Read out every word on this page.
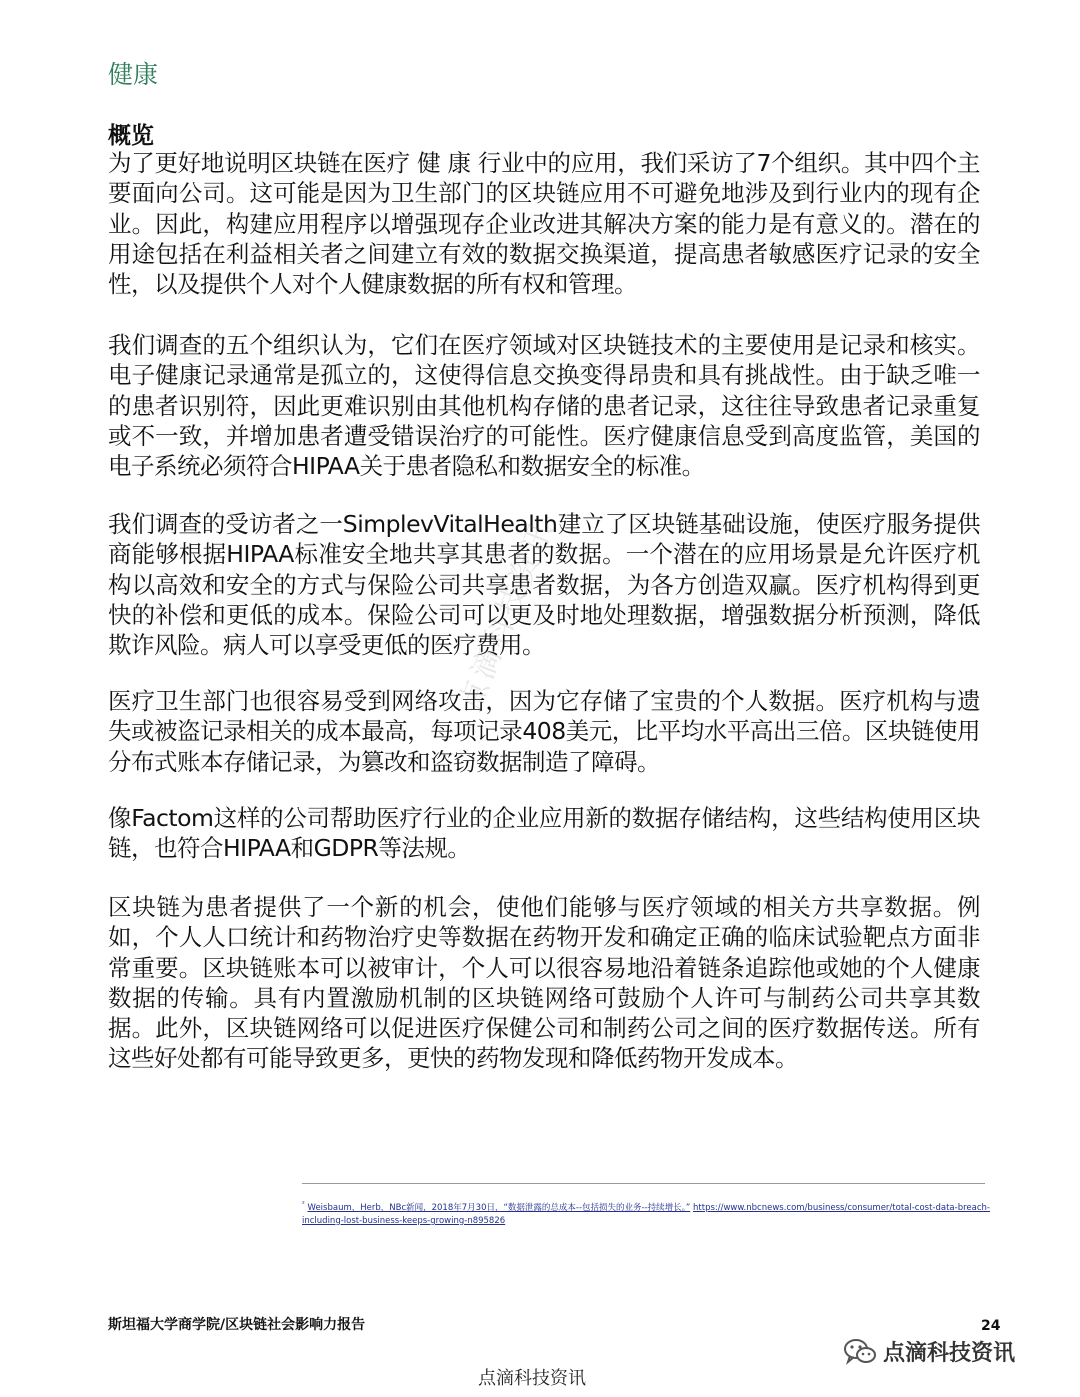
健康
概览

为了更好地说明区块链在医疗 健 康 行业中的应用，我们采访了7个组织。其中四个主要面向公司。这可能是因为卫生部门的区块链应用不可避免地涉及到行业内的现有企业。因此，构建应用程序以增强现存企业改进其解决方案的能力是有意义的。潜在的用途包括在利益相关者之间建立有效的数据交换渠道，提高患者敏感医疗记录的安全性，以及提供个人对个人健康数据的所有权和管理。

我们调查的五个组织认为，它们在医疗领域对区块链技术的主要使用是记录和核实。电子健康记录通常是孤立的，这使得信息交换变得昂贵和具有挑战性。由于缺乏唯一的患者识别符，因此更难识别由其他机构存储的患者记录，这往往导致患者记录重复或不一致，并增加患者遭受错误治疗的可能性。医疗健康信息受到高度监管，美国的电子系统必须符合HIPAA关于患者隐私和数据安全的标准。

我们调查的受访者之一SimplevVitalHealth建立了区块链基础设施，使医疗服务提供商能够根据HIPAA标准安全地共享其患者的数据。一个潜在的应用场景是允许医疗机构以高效和安全的方式与保险公司共享患者数据，为各方创造双赢。医疗机构得到更快的补偿和更低的成本。保险公司可以更及时地处理数据，增强数据分析预测，降低欺诈风险。病人可以享受更低的医疗费用。

医疗卫生部门也很容易受到网络攻击，因为它存储了宝贵的个人数据。医疗机构与遗失或被盗记录相关的成本最高，每项记录408美元，比平均水平高出三倍。区块链使用分布式账本存储记录，为篡改和盗窃数据制造了障碍。

像Factom这样的公司帮助医疗行业的企业应用新的数据存储结构，这些结构使用区块链，也符合HIPAA和GDPR等法规。

区块链为患者提供了一个新的机会，使他们能够与医疗领域的相关方共享数据。例如，个人人口统计和药物治疗史等数据在药物开发和确定正确的临床试验靶点方面非常重要。区块链账本可以被审计，个人可以很容易地沿着链条追踪他或她的个人健康数据的传输。具有内置激励机制的区块链网络可鼓励个人许可与制药公司共享其数据。此外，区块链网络可以促进医疗保健公司和制药公司之间的医疗数据传送。所有这些好处都有可能导致更多，更快的药物发现和降低药物开发成本。

点滴科技资讯
$^{^2}$ Weisbaum，Herb，NBc新闻，2018年7月30日，“数据泄露的总成本--包括损失的业务--持续增长。” https://www.nbcnews.com/business/consumer/total-cost-data-breach-including-lost-business-keeps-growing-n895826
斯坦福大学商学院/区块链社会影响力报告	24
点滴科技资讯
点滴科技资讯
